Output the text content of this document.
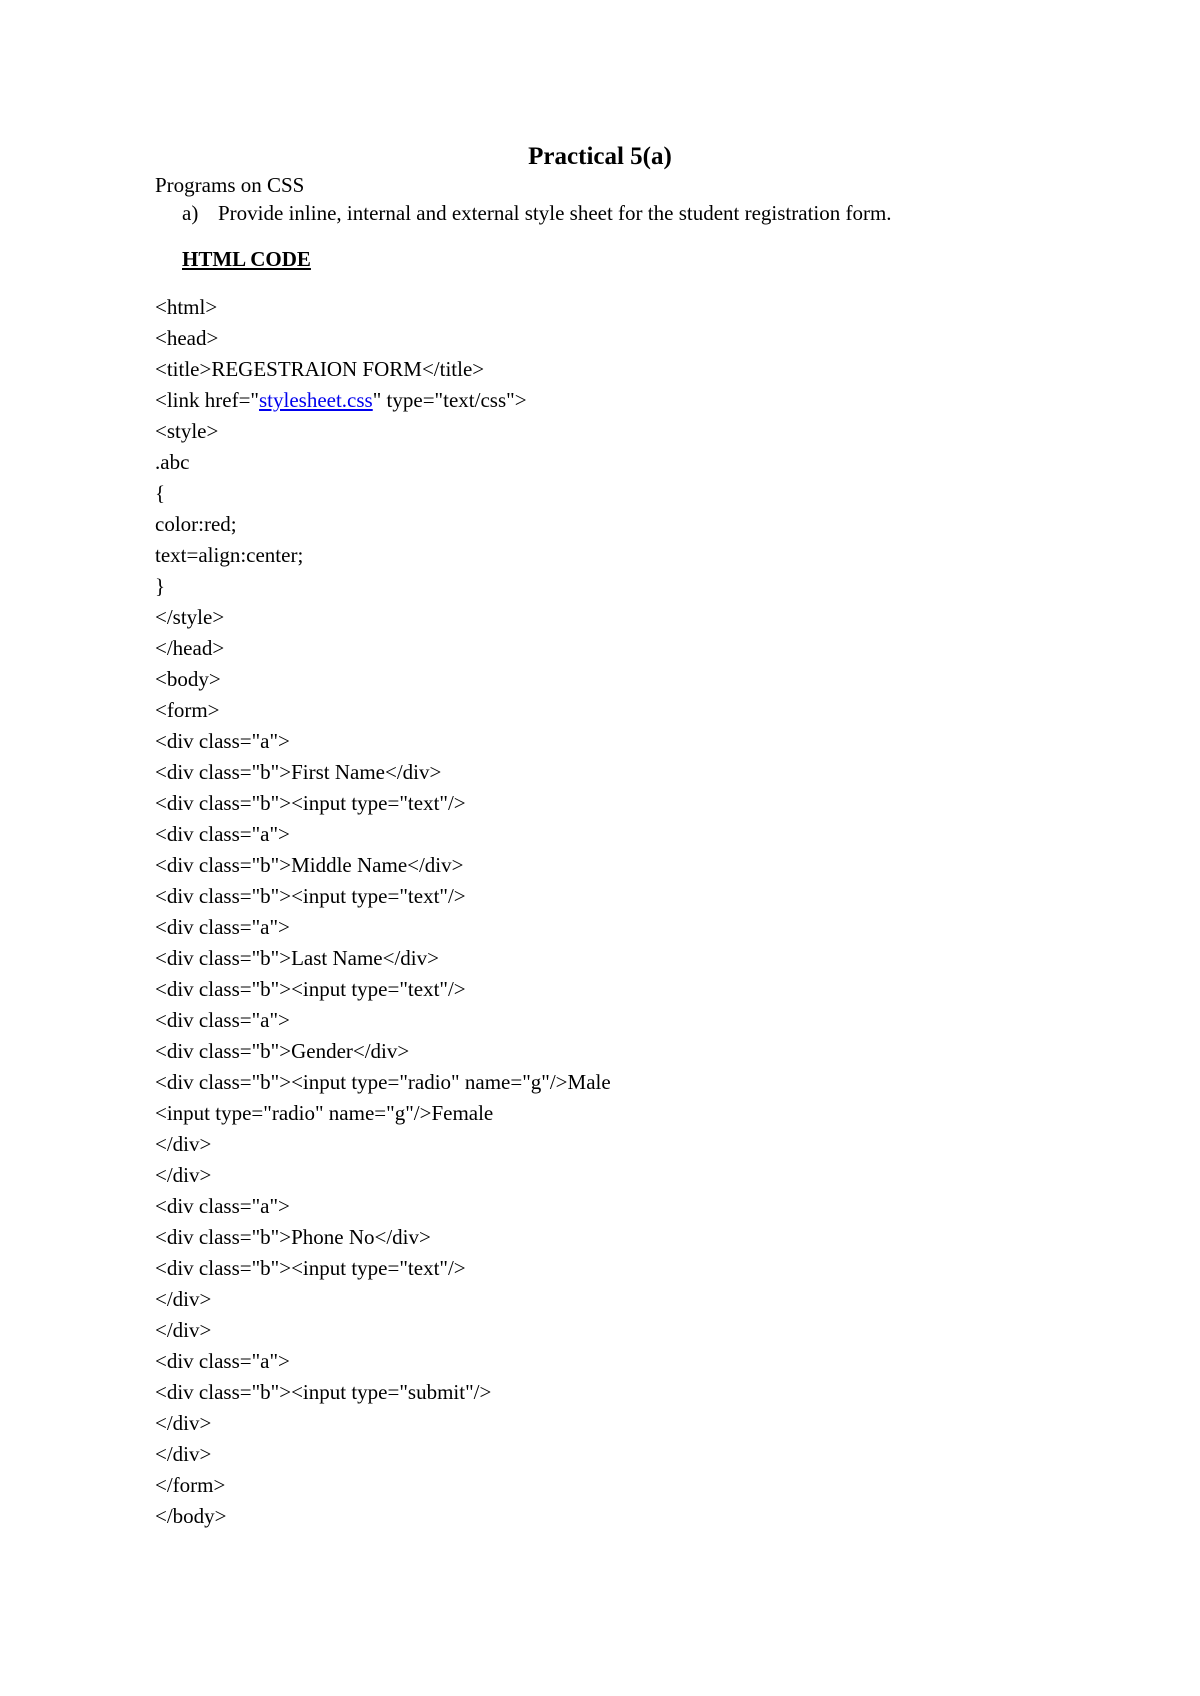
Practical 5(a)
Programs on CSS
a) Provide inline, internal and external style sheet for the student registration form.
HTML CODE
<html>
<head>
<title>REGESTRAION FORM</title>
<link href="stylesheet.css" type="text/css">
<style>
.abc
{
color:red;
text=align:center;
}
</style>
</head>
<body>
<form>
<div class="a">
<div class="b">First Name</div>
<div class="b"><input type="text"/>
<div class="a">
<div class="b">Middle Name</div>
<div class="b"><input type="text"/>
<div class="a">
<div class="b">Last Name</div>
<div class="b"><input type="text"/>
<div class="a">
<div class="b">Gender</div>
<div class="b"><input type="radio" name="g"/>Male
<input type="radio" name="g"/>Female
</div>
</div>
<div class="a">
<div class="b">Phone No</div>
<div class="b"><input type="text"/>
</div>
</div>
<div class="a">
<div class="b"><input type="submit"/>
</div>
</div>
</form>
</body>
